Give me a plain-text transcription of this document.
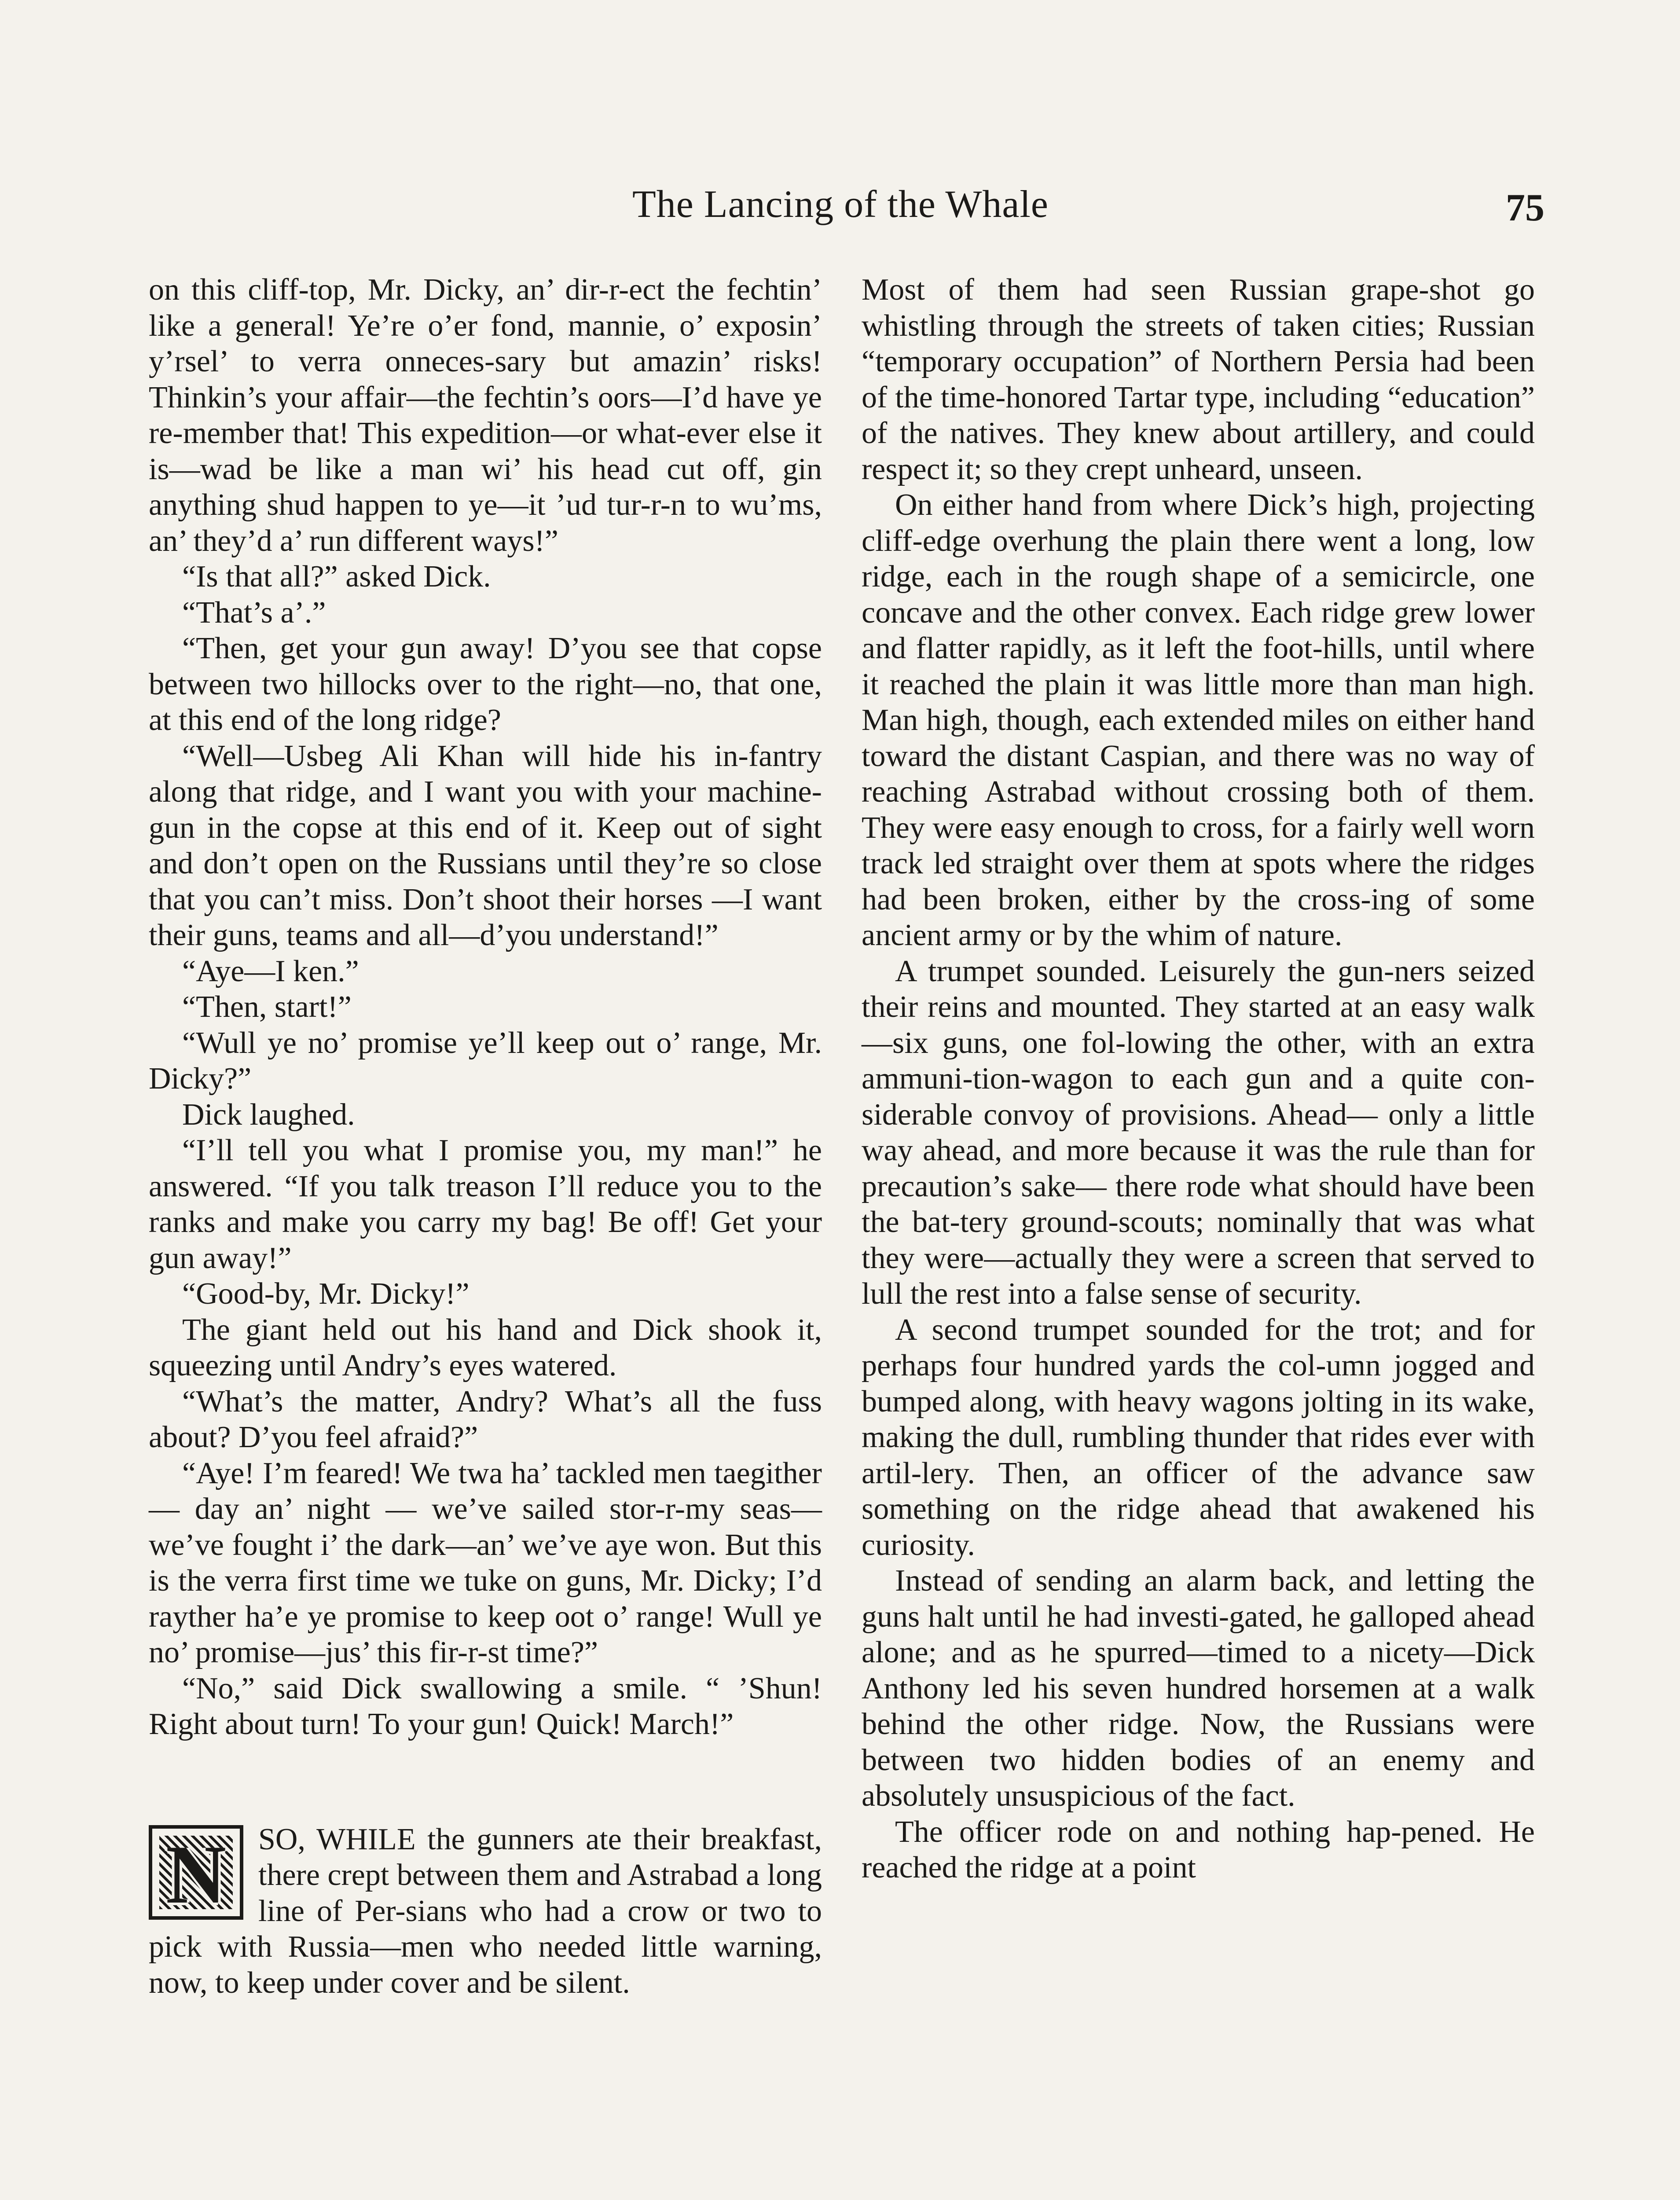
The Lancing of the Whale	75

on this cliff-top, Mr. Dicky, an’ dir-r-ect the fechtin’ like a general! Ye’re o’er fond, mannie, o’ exposin’ y’rsel’ to verra onneces-sary but amazin’ risks! Thinkin’s your affair—the fechtin’s oors—I’d have ye re-member that! This expedition—or what-ever else it is—wad be like a man wi’ his head cut off, gin anything shud happen to ye—it ’ud tur-r-n to wu’ms, an’ they’d a’ run different ways!”

“Is that all?” asked Dick.

“That’s a’.”

“Then, get your gun away! D’you see that copse between two hillocks over to the right—no, that one, at this end of the long ridge?

“Well—Usbeg Ali Khan will hide his in-fantry along that ridge, and I want you with your machine-gun in the copse at this end of it. Keep out of sight and don’t open on the Russians until they’re so close that you can’t miss. Don’t shoot their horses —I want their guns, teams and all—d’you understand!”

“Aye—I ken.”

“Then, start!”

“Wull ye no’ promise ye’ll keep out o’ range, Mr. Dicky?”

Dick laughed.

“I’ll tell you what I promise you, my man!” he answered. “If you talk treason I’ll reduce you to the ranks and make you carry my bag! Be off! Get your gun away!”

“Good-by, Mr. Dicky!”

The giant held out his hand and Dick shook it, squeezing until Andry’s eyes watered.

“What’s the matter, Andry? What’s all the fuss about? D’you feel afraid?”

“Aye! I’m feared! We twa ha’ tackled men taegither — day an’ night — we’ve sailed stor-r-my seas—we’ve fought i’ the dark—an’ we’ve aye won. But this is the verra first time we tuke on guns, Mr. Dicky; I’d rayther ha’e ye promise to keep oot o’ range! Wull ye no’ promise—jus’ this fir-r-st time?”

“No,” said Dick swallowing a smile. “ ’Shun! Right about turn! To your gun! Quick! March!”

N	SO, WHILE the gunners ate their breakfast, there crept between them and Astrabad a long line of Per-sians who had a crow or two to pick with Russia—men who needed little warning, now, to keep under cover and be silent.

Most of them had seen Russian grape-shot go whistling through the streets of taken cities; Russian “temporary occupation” of Northern Persia had been of the time-honored Tartar type, including “education” of the natives. They knew about artillery, and could respect it; so they crept unheard, unseen.

On either hand from where Dick’s high, projecting cliff-edge overhung the plain there went a long, low ridge, each in the rough shape of a semicircle, one concave and the other convex. Each ridge grew lower and flatter rapidly, as it left the foot-hills, until where it reached the plain it was little more than man high. Man high, though, each extended miles on either hand toward the distant Caspian, and there was no way of reaching Astrabad without crossing both of them. They were easy enough to cross, for a fairly well worn track led straight over them at spots where the ridges had been broken, either by the cross-ing of some ancient army or by the whim of nature.

A trumpet sounded. Leisurely the gun-ners seized their reins and mounted. They started at an easy walk—six guns, one fol-lowing the other, with an extra ammuni-tion-wagon to each gun and a quite con-siderable convoy of provisions. Ahead— only a little way ahead, and more because it was the rule than for precaution’s sake— there rode what should have been the bat-tery ground-scouts; nominally that was what they were—actually they were a screen that served to lull the rest into a false sense of security.

A second trumpet sounded for the trot; and for perhaps four hundred yards the col-umn jogged and bumped along, with heavy wagons jolting in its wake, making the dull, rumbling thunder that rides ever with artil-lery. Then, an officer of the advance saw something on the ridge ahead that awakened his curiosity.

Instead of sending an alarm back, and letting the guns halt until he had investi-gated, he galloped ahead alone; and as he spurred—timed to a nicety—Dick Anthony led his seven hundred horsemen at a walk behind the other ridge. Now, the Russians were between two hidden bodies of an enemy and absolutely unsuspicious of the fact.

The officer rode on and nothing hap-pened. He reached the ridge at a point
